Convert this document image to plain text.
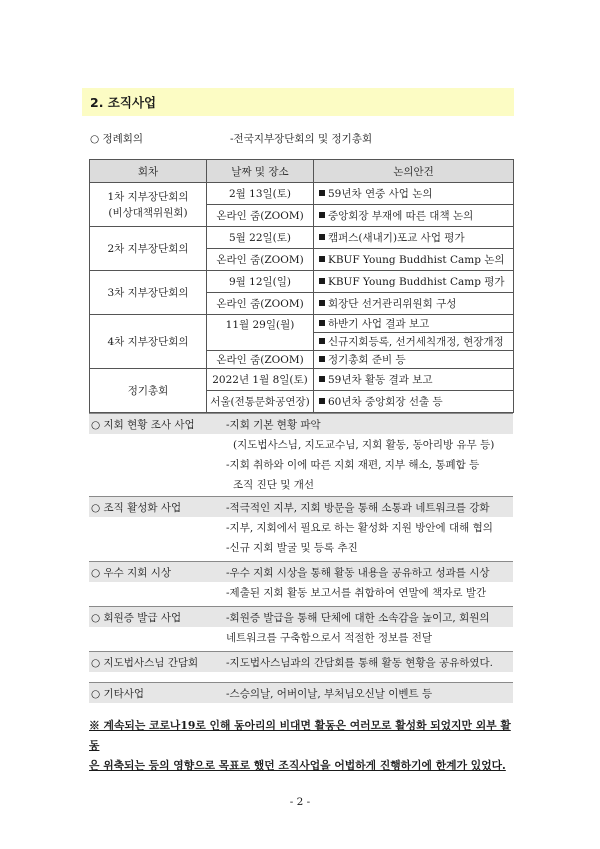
2. 조직사업
○ 정례회의	-전국지부장단회의 및 정기총회
회차	날짜 및 장소	논의안건

1차 지부장단회의
(비상대책위원회)	2월 13일(토)	59년차 연중 사업 논의
	온라인 줌(ZOOM)	중앙회장 부재에 따른 대책 논의
2차 지부장단회의	5월 22일(토)	캠퍼스(새내기)포교 사업 평가
	온라인 줌(ZOOM)	KBUF Young Buddhist Camp 논의
3차 지부장단회의	9월 12일(일)	KBUF Young Buddhist Camp 평가
	온라인 줌(ZOOM)	회장단 선거관리위원회 구성
4차 지부장단회의	11월 29일(월)	하반기 사업 결과 보고
		신규지회등록, 선거세칙개정, 현장개정
	온라인 줌(ZOOM)	정기총회 준비 등
정기총회	2022년 1월 8일(토)	59년차 활동 결과 보고
	서울(전통문화공연장)	60년차 중앙회장 선출 등
○ 지회 현황 조사 사업	-지회 기본 현황 파악
(지도법사스님, 지도교수님, 지회 활동, 동아리방 유무 등)
-지회 취하와 이에 따른 지회 재편, 지부 해소, 통폐합 등
조직 진단 및 개선
○ 조직 활성화 사업	-적극적인 지부, 지회 방문을 통해 소통과 네트워크를 강화
-지부, 지회에서 필요로 하는 활성화 지원 방안에 대해 협의
-신규 지회 발굴 및 등록 추진
○ 우수 지회 시상	-우수 지회 시상을 통해 활동 내용을 공유하고 성과를 시상
-제출된 지회 활동 보고서를 취합하여 연말에 책자로 발간
○ 회원증 발급 사업	-회원증 발급을 통해 단체에 대한 소속감을 높이고, 회원의
네트워크를 구축함으로서 적절한 정보를 전달
○ 지도법사스님 간담회	-지도법사스님과의 간담회를 통해 활동 현황을 공유하였다.
○ 기타사업	-스승의날, 어버이날, 부처님오신날 이벤트 등
※ 계속되는 코로나19로 인해 동아리의 비대면 활동은 여러모로 활성화 되었지만 외부 활동
은 위축되는 등의 영향으로 목표로 했던 조직사업을 어법하게 진행하기에 한계가 있었다.
- 2 -
